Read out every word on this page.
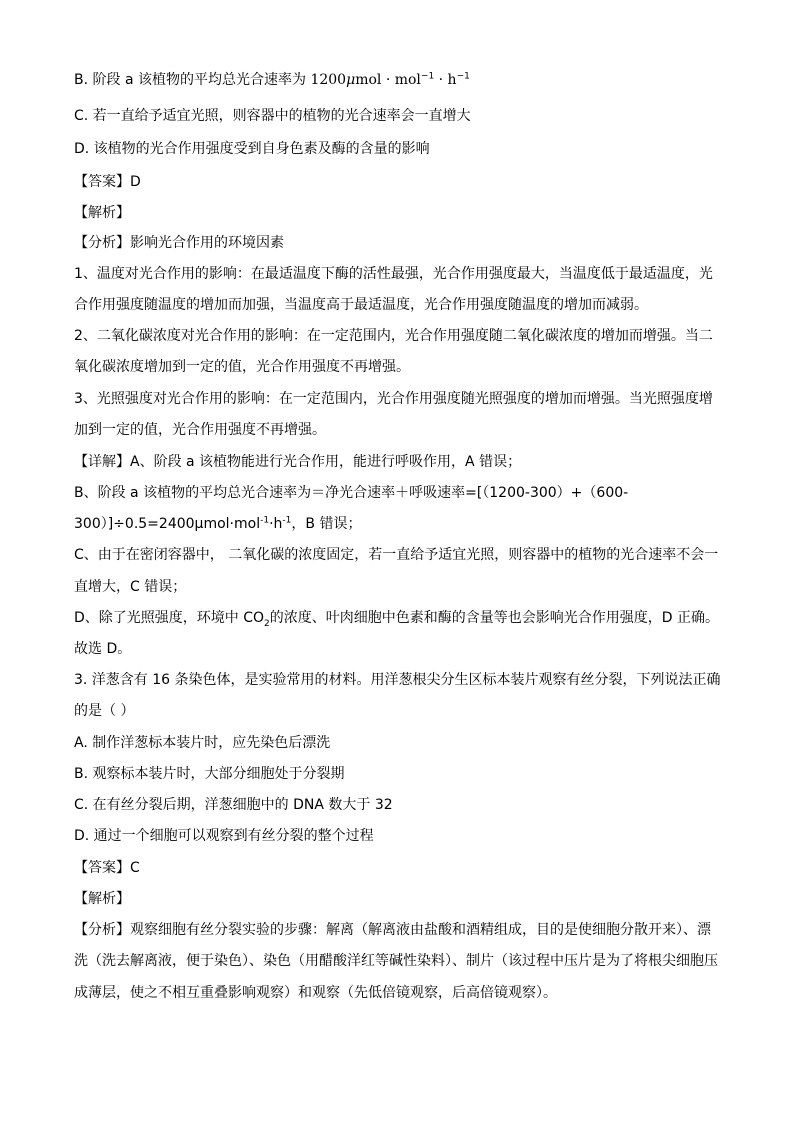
B. 阶段 a 该植物的平均总光合速率为 $1200\mu mol \cdot mol^{-1} \cdot h^{-1}$
C. 若一直给予适宜光照，则容器中的植物的光合速率会一直增大
D. 该植物的光合作用强度受到自身色素及酶的含量的影响
【答案】D
【解析】
【分析】影响光合作用的环境因素
1、温度对光合作用的影响：在最适温度下酶的活性最强，光合作用强度最大，当温度低于最适温度，光
合作用强度随温度的增加而加强，当温度高于最适温度，光合作用强度随温度的增加而减弱。
2、二氧化碳浓度对光合作用的影响：在一定范围内，光合作用强度随二氧化碳浓度的增加而增强。当二
氧化碳浓度增加到一定的值，光合作用强度不再增强。
3、光照强度对光合作用的影响：在一定范围内，光合作用强度随光照强度的增加而增强。当光照强度增
加到一定的值，光合作用强度不再增强。
【详解】A、阶段 a 该植物能进行光合作用，能进行呼吸作用，A 错误；
B、阶段 a 该植物的平均总光合速率为＝净光合速率＋呼吸速率=[（1200-300）+（600-
$300)]\div 0.5=2400\mu mol\cdot mol^{-1}\cdot h^{-1}$，B 错误；
C、由于在密闭容器中， 二氧化碳的浓度固定，若一直给予适宜光照，则容器中的植物的光合速率不会一
直增大，C 错误；
D、除了光照强度，环境中 $CO_2$的浓度、叶肉细胞中色素和酶的含量等也会影响光合作用强度，D 正确。
故选 D。
3. 洋葱含有 16 条染色体，是实验常用的材料。用洋葱根尖分生区标本装片观察有丝分裂，下列说法正确
的是（ ）
A. 制作洋葱标本装片时，应先染色后漂洗
B. 观察标本装片时，大部分细胞处于分裂期
C. 在有丝分裂后期，洋葱细胞中的 DNA 数大于 32
D. 通过一个细胞可以观察到有丝分裂的整个过程
【答案】C
【解析】
【分析】观察细胞有丝分裂实验的步骤：解离（解离液由盐酸和酒精组成，目的是使细胞分散开来）、漂
洗（洗去解离液，便于染色）、染色（用醋酸洋红等碱性染料）、制片（该过程中压片是为了将根尖细胞压
成薄层，使之不相互重叠影响观察）和观察（先低倍镜观察，后高倍镜观察）。
